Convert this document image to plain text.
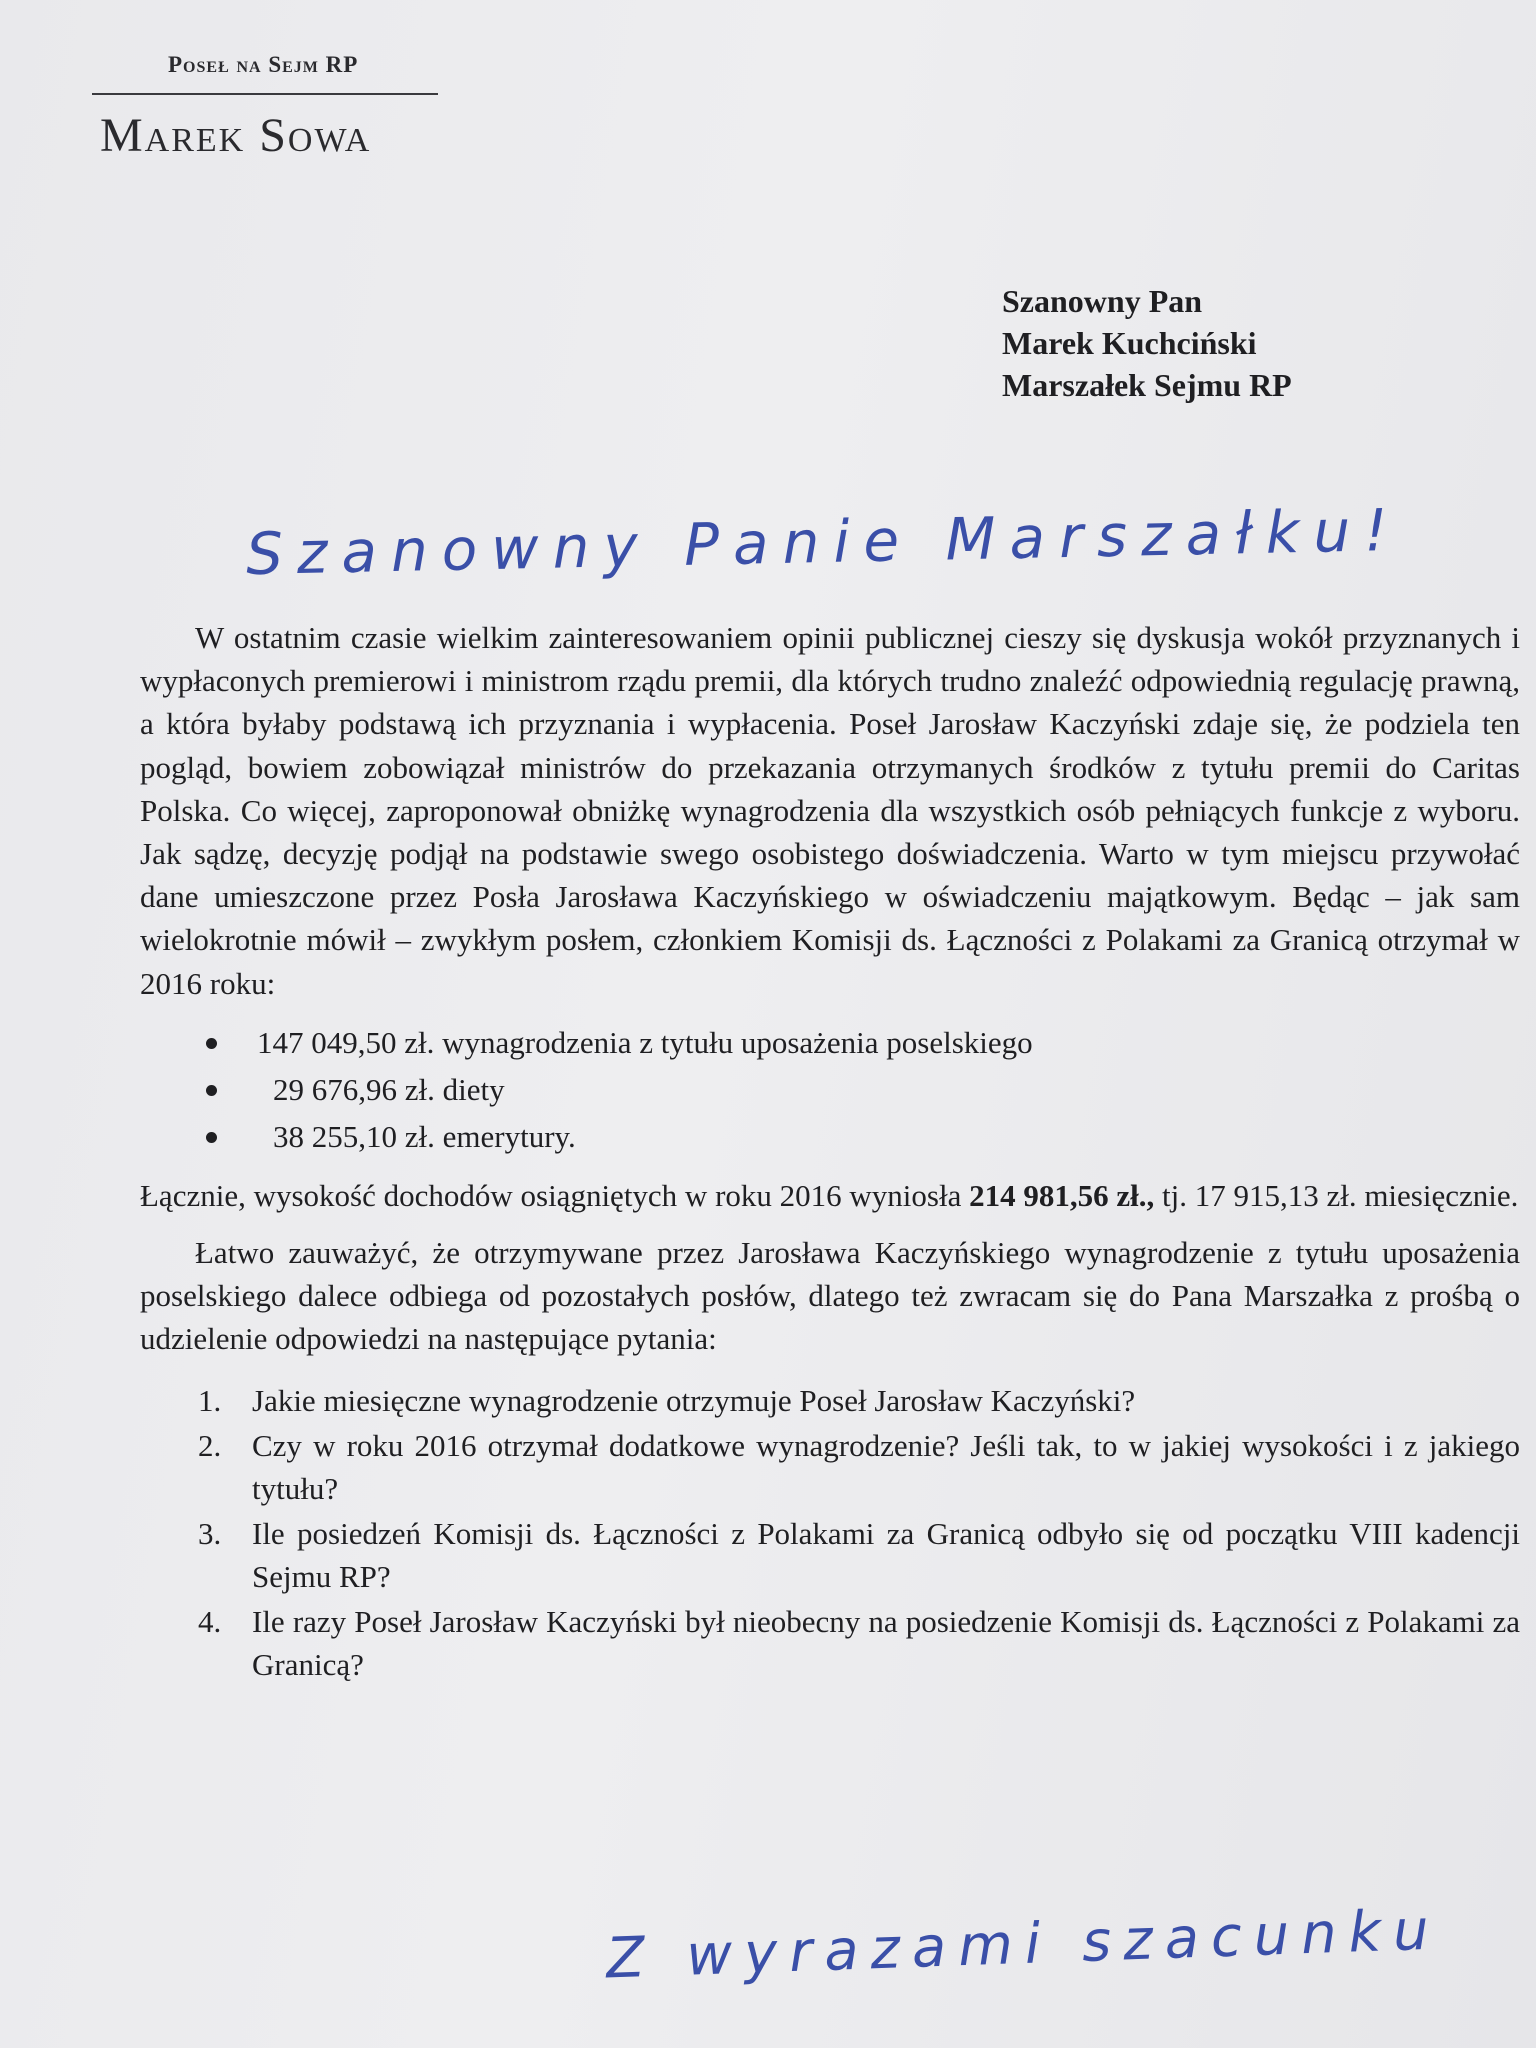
Poseł na Sejm RP
Marek Sowa
Szanowny Pan
Marek Kuchciński
Marszałek Sejmu RP
Szanowny Panie Marszałku!

W ostatnim czasie wielkim zainteresowaniem opinii publicznej cieszy się dyskusja wokół przyznanych i wypłaconych premierowi i ministrom rządu premii, dla których trudno znaleźć odpowiednią regulację prawną, a która byłaby podstawą ich przyznania i wypłacenia. Poseł Jarosław Kaczyński zdaje się, że podziela ten pogląd, bowiem zobowiązał ministrów do przekazania otrzymanych środków z tytułu premii do Caritas Polska. Co więcej, zaproponował obniżkę wynagrodzenia dla wszystkich osób pełniących funkcje z wyboru. Jak sądzę, decyzję podjął na podstawie swego osobistego doświadczenia. Warto w tym miejscu przywołać dane umieszczone przez Posła Jarosława Kaczyńskiego w oświadczeniu majątkowym. Będąc – jak sam wielokrotnie mówił – zwykłym posłem, członkiem Komisji ds. Łączności z Polakami za Granicą otrzymał w 2016 roku:

147 049,50 zł. wynagrodzenia z tytułu uposażenia poselskiego
29 676,96 zł. diety
38 255,10 zł. emerytury.

Łącznie, wysokość dochodów osiągniętych w roku 2016 wyniosła 214 981,56 zł., tj. 17 915,13 zł. miesięcznie.

Łatwo zauważyć, że otrzymywane przez Jarosława Kaczyńskiego wynagrodzenie z tytułu uposażenia poselskiego dalece odbiega od pozostałych posłów, dlatego też zwracam się do Pana Marszałka z prośbą o udzielenie odpowiedzi na następujące pytania:

1. Jakie miesięczne wynagrodzenie otrzymuje Poseł Jarosław Kaczyński?
2. Czy w roku 2016 otrzymał dodatkowe wynagrodzenie? Jeśli tak, to w jakiej wysokości i z jakiego tytułu?
3. Ile posiedzeń Komisji ds. Łączności z Polakami za Granicą odbyło się od początku VIII kadencji Sejmu RP?
4. Ile razy Poseł Jarosław Kaczyński był nieobecny na posiedzenie Komisji ds. Łączności z Polakami za Granicą?
Z wyrazami szacunku
